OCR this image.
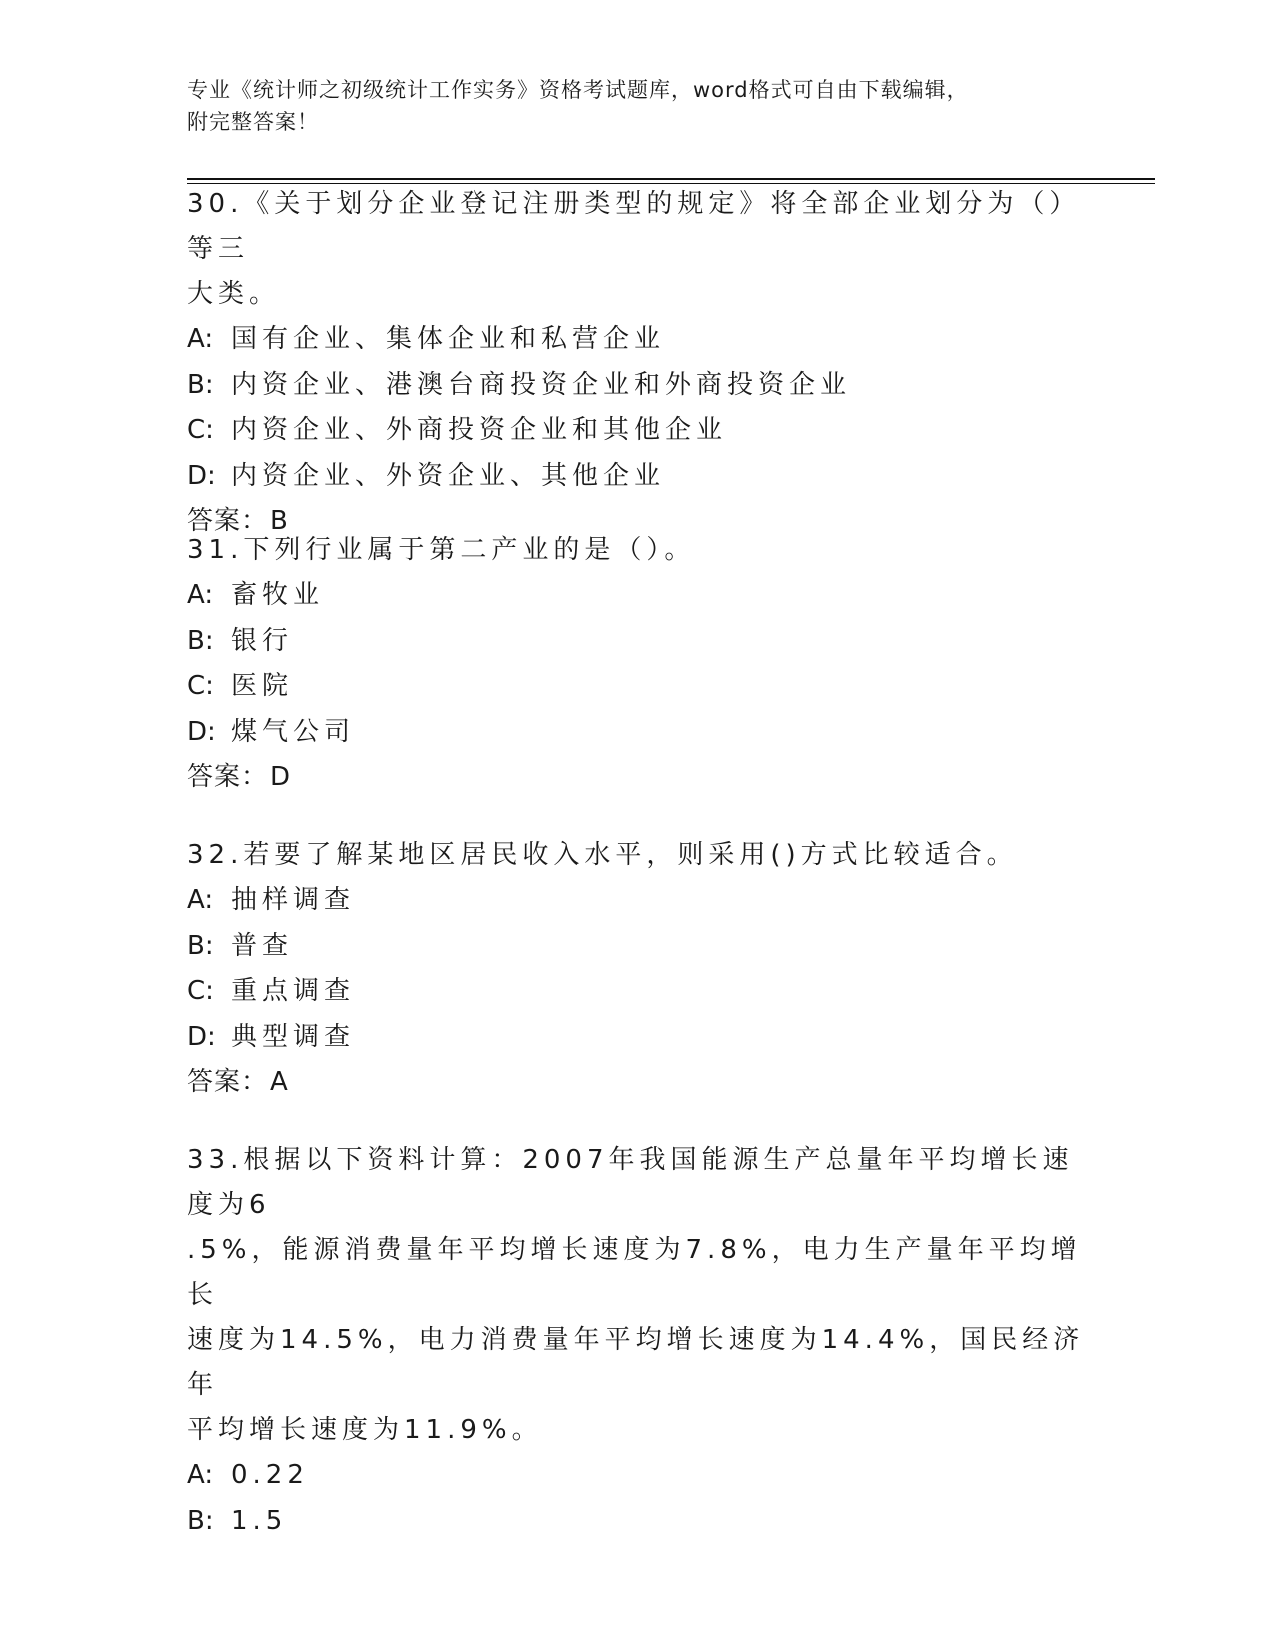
专业《统计师之初级统计工作实务》资格考试题库，word格式可自由下载编辑，
附完整答案！

30.《关于划分企业登记注册类型的规定》将全部企业划分为（）等三

大类。

A: 国有企业、集体企业和私营企业
B: 内资企业、港澳台商投资企业和外商投资企业
C: 内资企业、外商投资企业和其他企业
D: 内资企业、外资企业、其他企业
答案：B

31.下列行业属于第二产业的是（）。

A: 畜牧业
B: 银行
C: 医院
D: 煤气公司
答案：D

32.若要了解某地区居民收入水平，则采用()方式比较适合。

A: 抽样调查
B: 普查
C: 重点调查
D: 典型调查
答案：A

33.根据以下资料计算：2007年我国能源生产总量年平均增长速度为6

.5%，能源消费量年平均增长速度为7.8%，电力生产量年平均增长

速度为14.5%，电力消费量年平均增长速度为14.4%，国民经济年

平均增长速度为11.9%。

A: 0.22
B: 1.5
